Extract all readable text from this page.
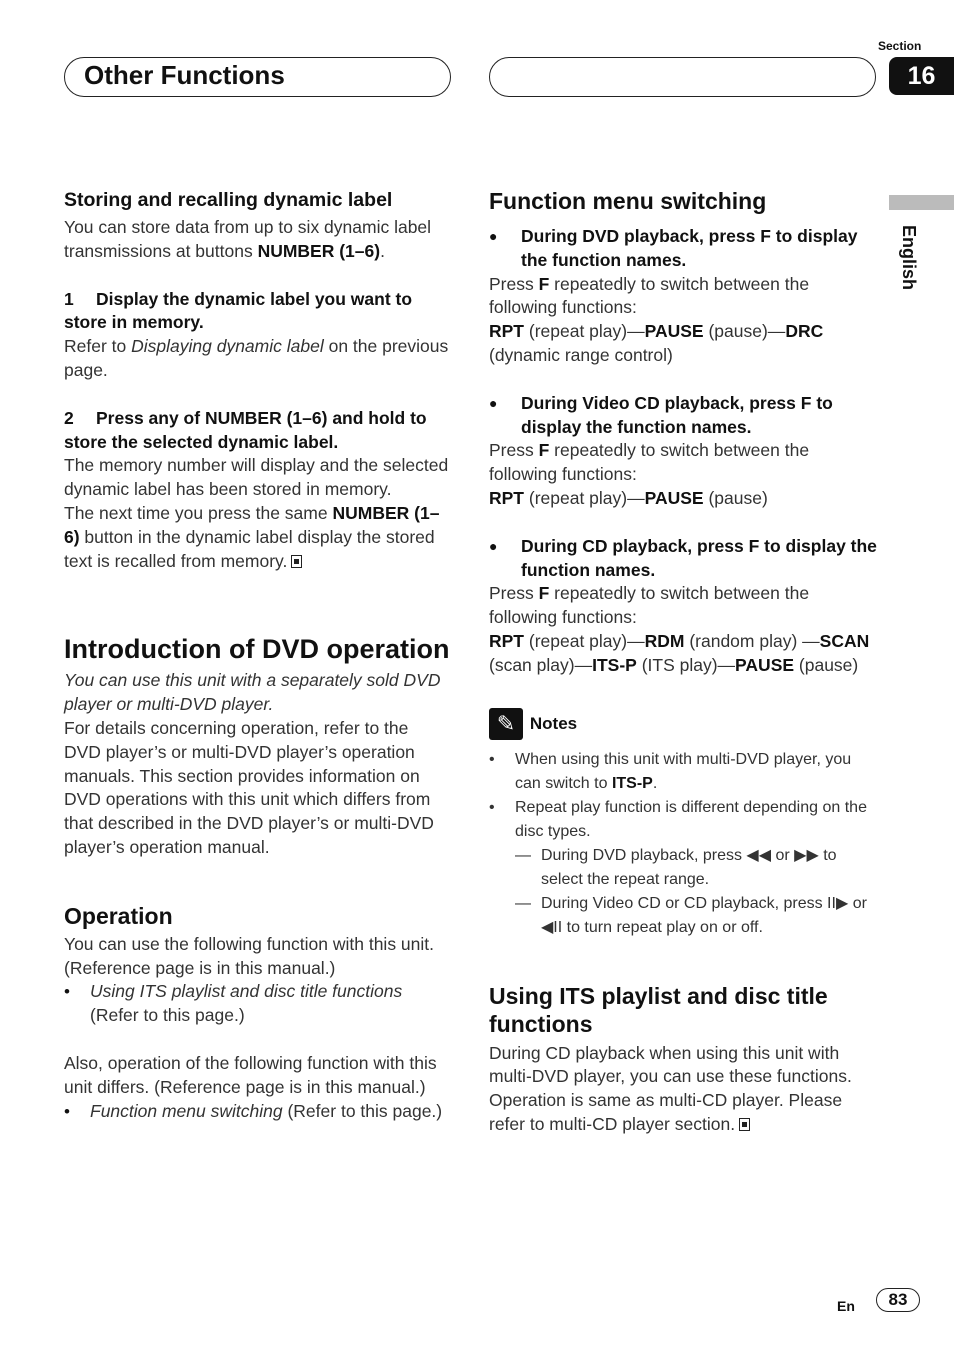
Other Functions
Section
16
English
Storing and recalling dynamic label

You can store data from up to six dynamic label transmissions at buttons NUMBER (1–6).

1 Display the dynamic label you want to store in memory.

Refer to Displaying dynamic label on the previous page.

2 Press any of NUMBER (1–6) and hold to store the selected dynamic label.

The memory number will display and the selected dynamic label has been stored in memory.

The next time you press the same NUMBER (1–6) button in the dynamic label display the stored text is recalled from memory.

Introduction of DVD operation

You can use this unit with a separately sold DVD player or multi-DVD player.

For details concerning operation, refer to the DVD player’s or multi-DVD player’s operation manuals. This section provides information on DVD operations with this unit which differs from that described in the DVD player’s or multi-DVD player’s operation manual.

Operation

You can use the following function with this unit. (Reference page is in this manual.)

•	Using ITS playlist and disc title functions (Refer to this page.)

Also, operation of the following function with this unit differs. (Reference page is in this manual.)

•	Function menu switching (Refer to this page.)
Function menu switching
●	During DVD playback, press F to display the function names.

Press F repeatedly to switch between the following functions:

RPT (repeat play)—PAUSE (pause)—DRC (dynamic range control)

●	During Video CD playback, press F to display the function names.

Press F repeatedly to switch between the following functions:

RPT (repeat play)—PAUSE (pause)

●	During CD playback, press F to display the function names.

Press F repeatedly to switch between the following functions:

RPT (repeat play)—RDM (random play) —SCAN (scan play)—ITS-P (ITS play)—PAUSE (pause)

✎ Notes
•	When using this unit with multi-DVD player, you can switch to ITS-P.
•	Repeat play function is different depending on the disc types.
— During DVD playback, press ◀◀ or ▶▶ to select the repeat range.
— During Video CD or CD playback, press II▶ or ◀II to turn repeat play on or off.
Using ITS playlist and disc title functions

During CD playback when using this unit with multi-DVD player, you can use these functions. Operation is same as multi-CD player. Please refer to multi-CD player section.

En	83
